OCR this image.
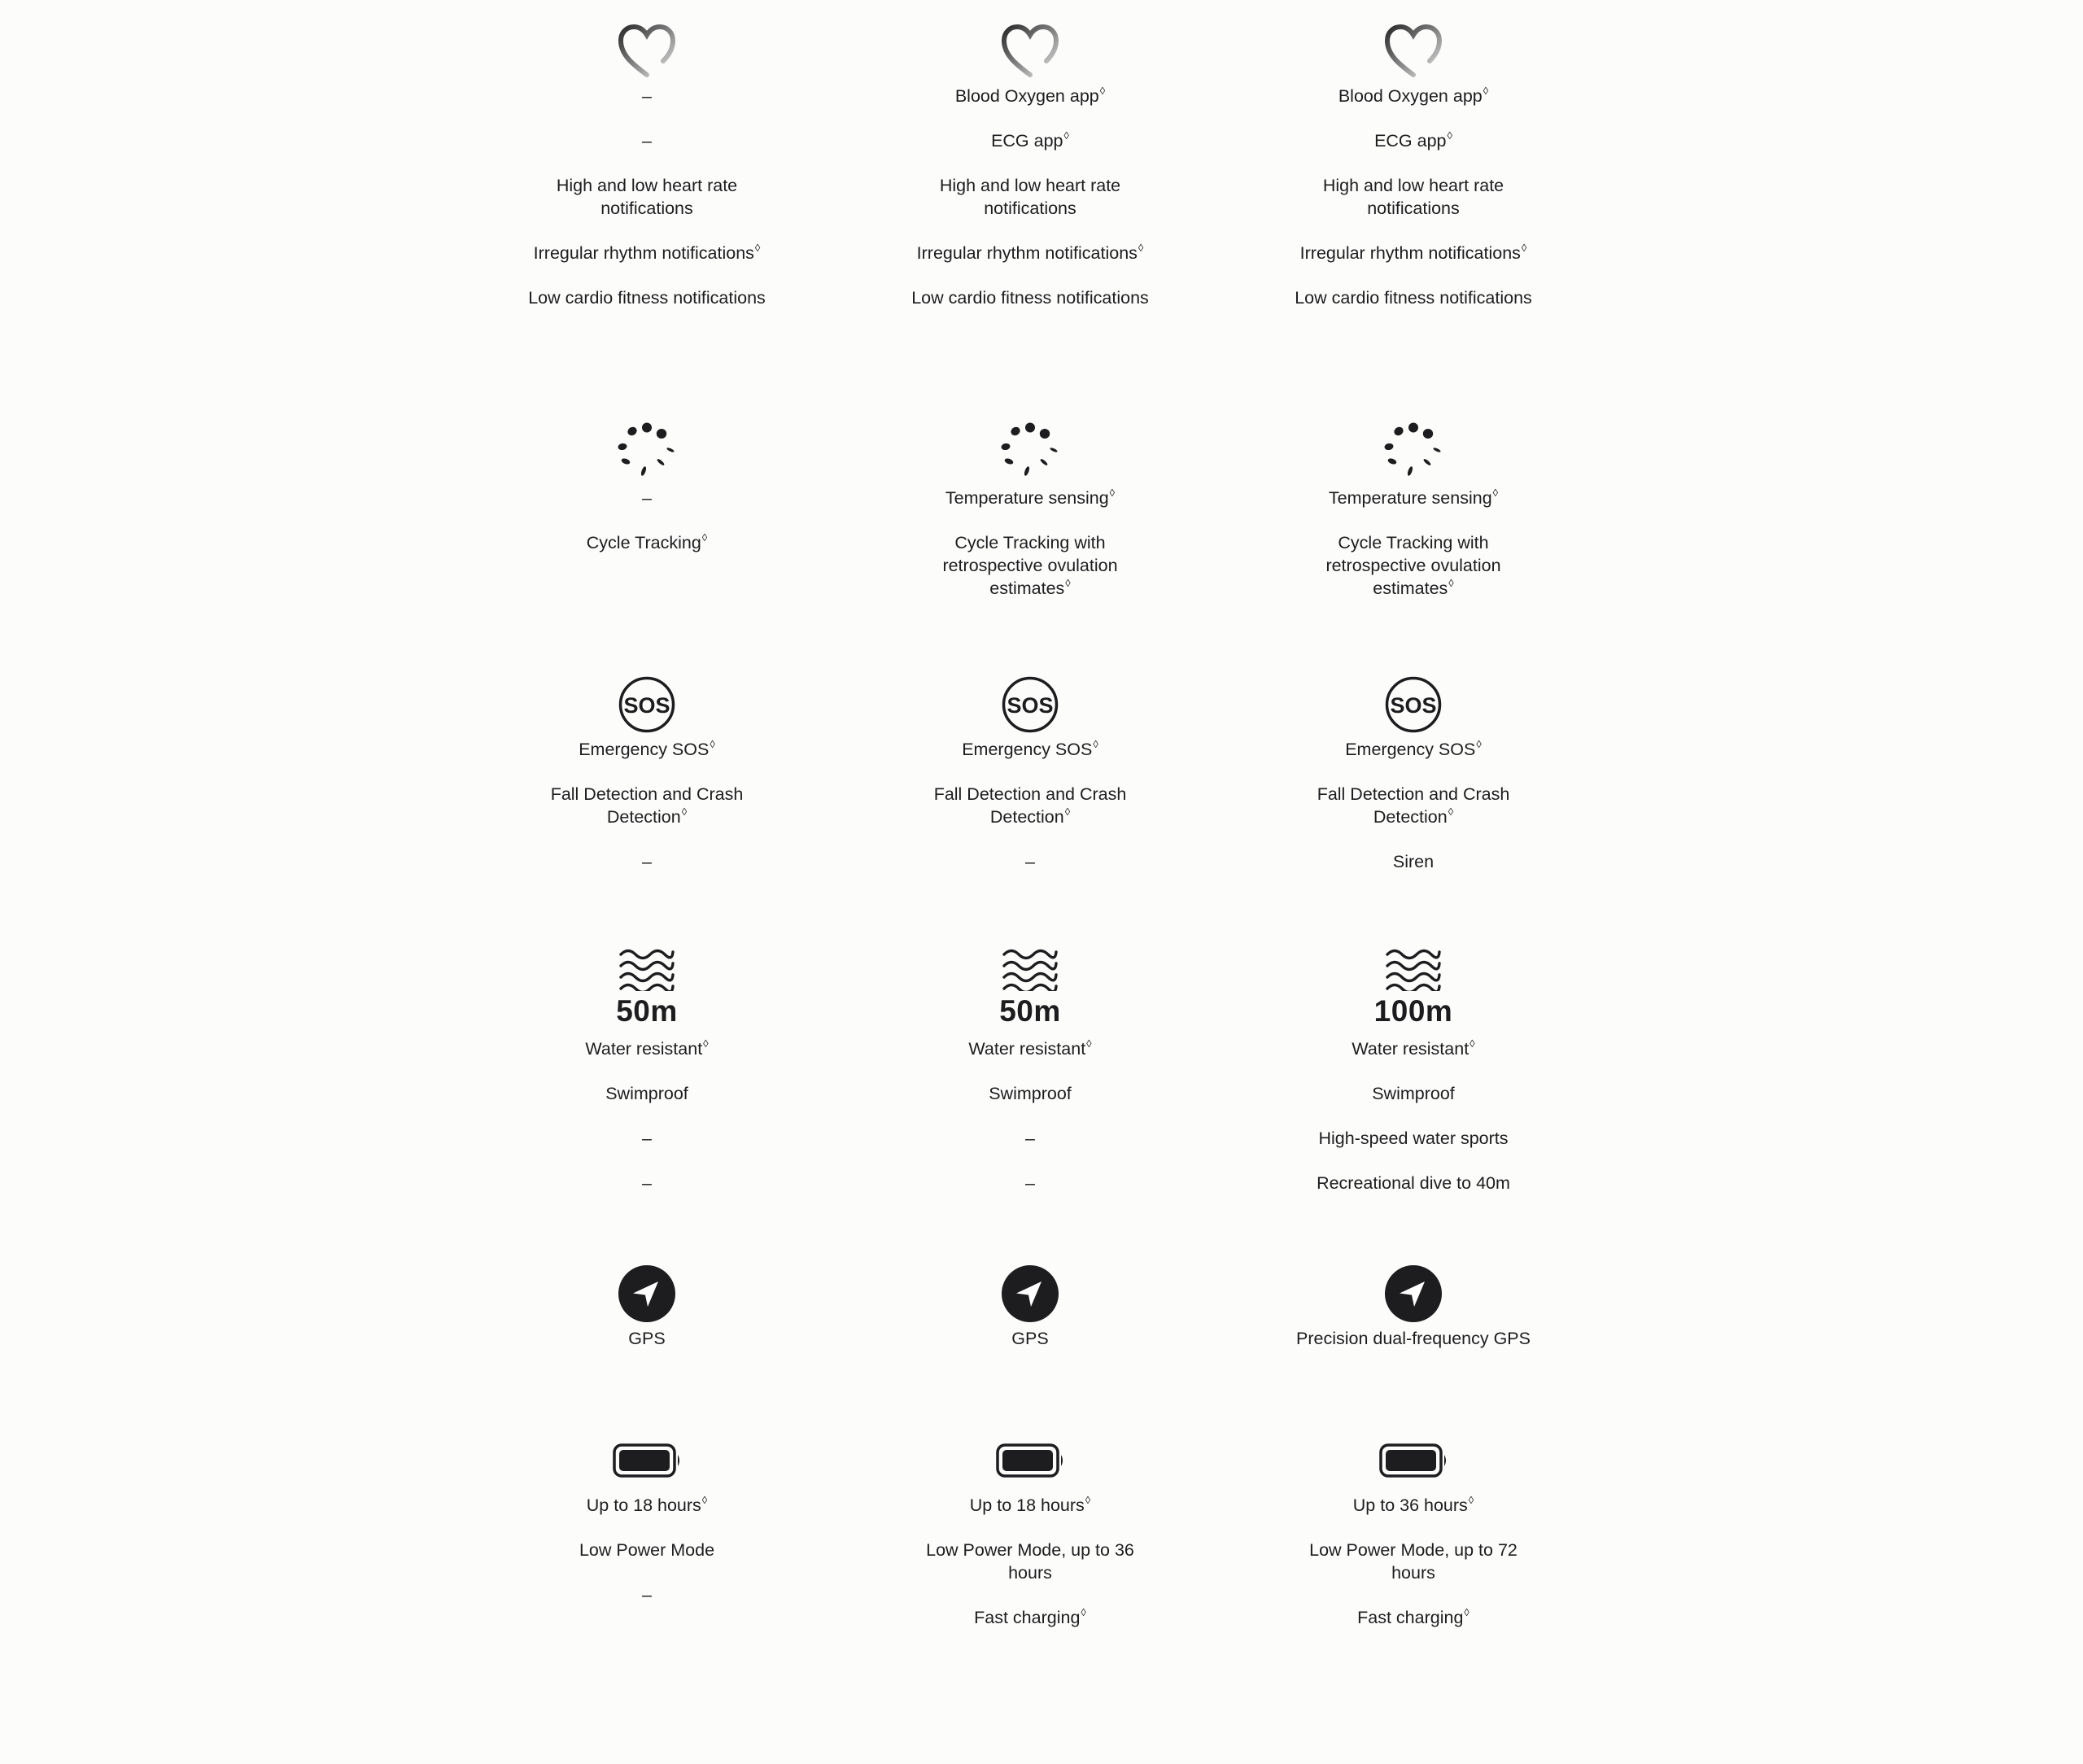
–

–

High and low heart rate notifications

Irregular rhythm notifications◊

Low cardio fitness notifications

–

Cycle Tracking◊

SOS

Emergency SOS◊

Fall Detection and Crash Detection◊

–

50m

Water resistant◊

Swimproof

–

–

GPS

Up to 18 hours◊

Low Power Mode

–

Blood Oxygen app◊

ECG app◊

High and low heart rate notifications

Irregular rhythm notifications◊

Low cardio fitness notifications

Temperature sensing◊

Cycle Tracking with retrospective ovulation estimates◊

SOS

Emergency SOS◊

Fall Detection and Crash Detection◊

–

50m

Water resistant◊

Swimproof

–

–

GPS

Up to 18 hours◊

Low Power Mode, up to 36 hours

Fast charging◊

Blood Oxygen app◊

ECG app◊

High and low heart rate notifications

Irregular rhythm notifications◊

Low cardio fitness notifications

Temperature sensing◊

Cycle Tracking with retrospective ovulation estimates◊

SOS

Emergency SOS◊

Fall Detection and Crash Detection◊

Siren

100m

Water resistant◊

Swimproof

High-speed water sports

Recreational dive to 40m

Precision dual-frequency GPS

Up to 36 hours◊

Low Power Mode, up to 72 hours

Fast charging◊
